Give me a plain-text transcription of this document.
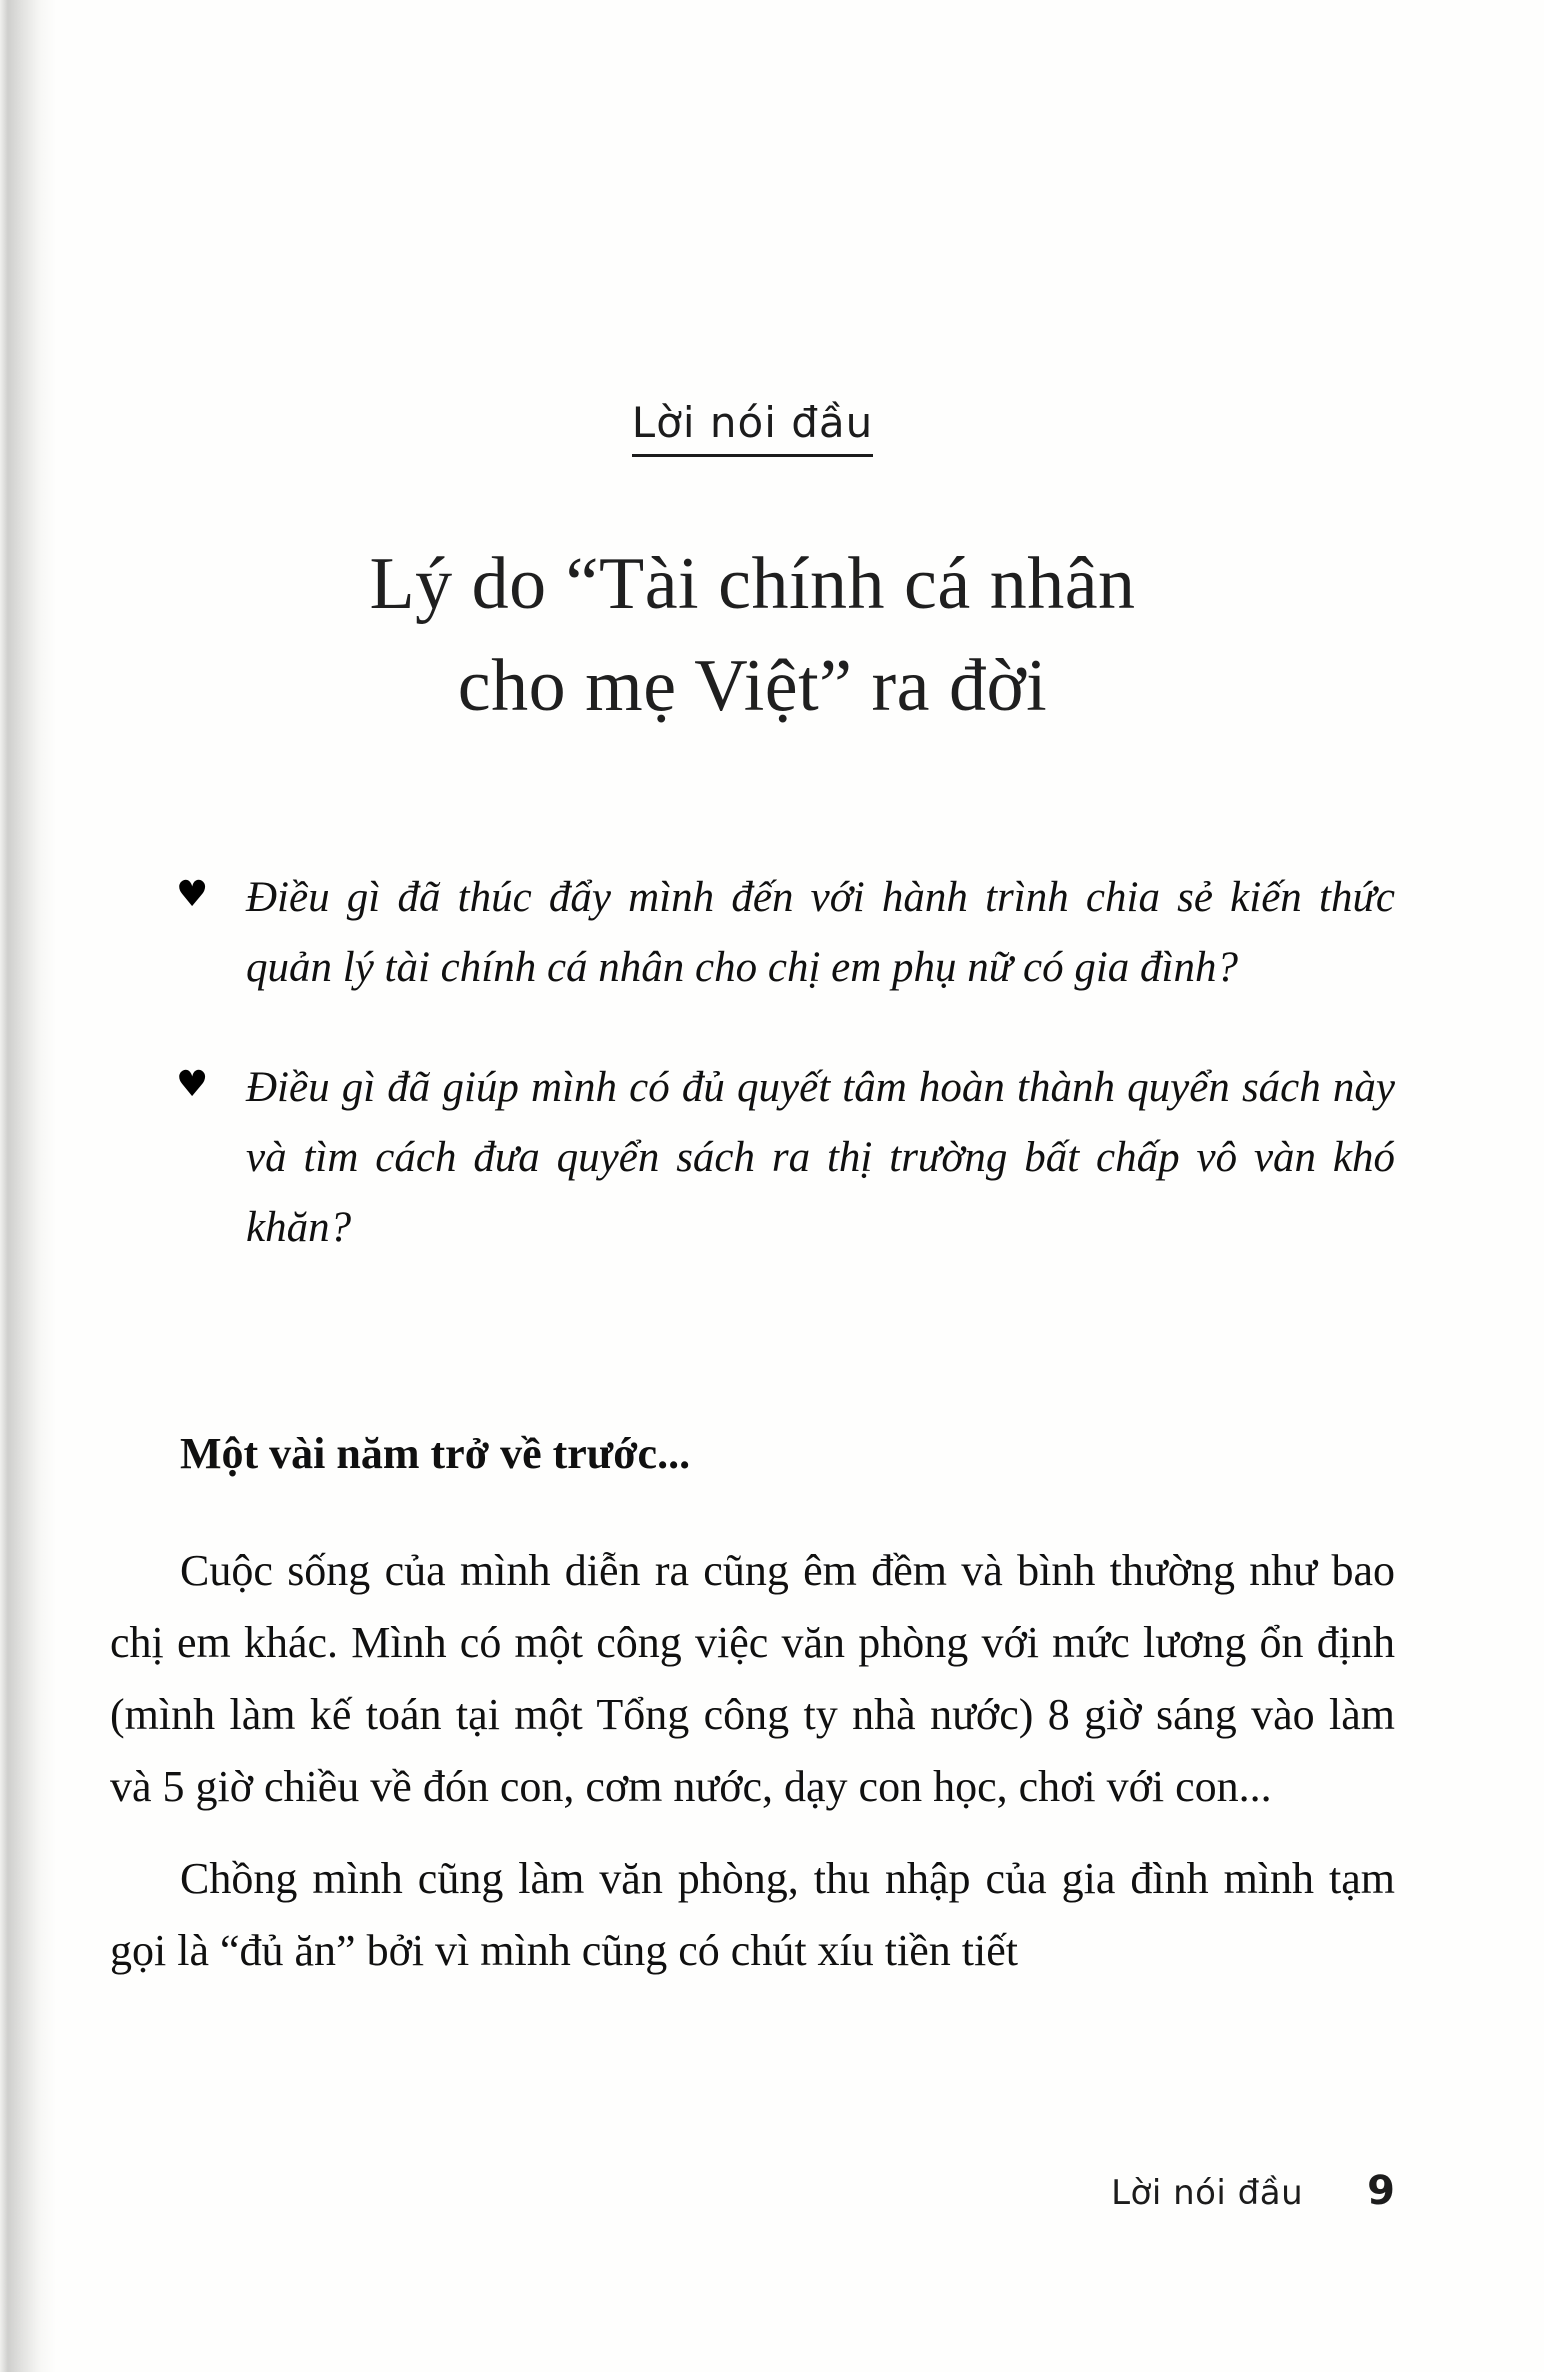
Lời nói đầu
Lý do “Tài chính cá nhân
cho mẹ Việt” ra đời
♥ Điều gì đã thúc đẩy mình đến với hành trình chia sẻ kiến thức quản lý tài chính cá nhân cho chị em phụ nữ có gia đình?
♥ Điều gì đã giúp mình có đủ quyết tâm hoàn thành quyển sách này và tìm cách đưa quyển sách ra thị trường bất chấp vô vàn khó khăn?

Một vài năm trở về trước...

Cuộc sống của mình diễn ra cũng êm đềm và bình thường như bao chị em khác. Mình có một công việc văn phòng với mức lương ổn định (mình làm kế toán tại một Tổng công ty nhà nước) 8 giờ sáng vào làm và 5 giờ chiều về đón con, cơm nước, dạy con học, chơi với con...

Chồng mình cũng làm văn phòng, thu nhập của gia đình mình tạm gọi là “đủ ăn” bởi vì mình cũng có chút xíu tiền tiết

Lời nói đầu 9
